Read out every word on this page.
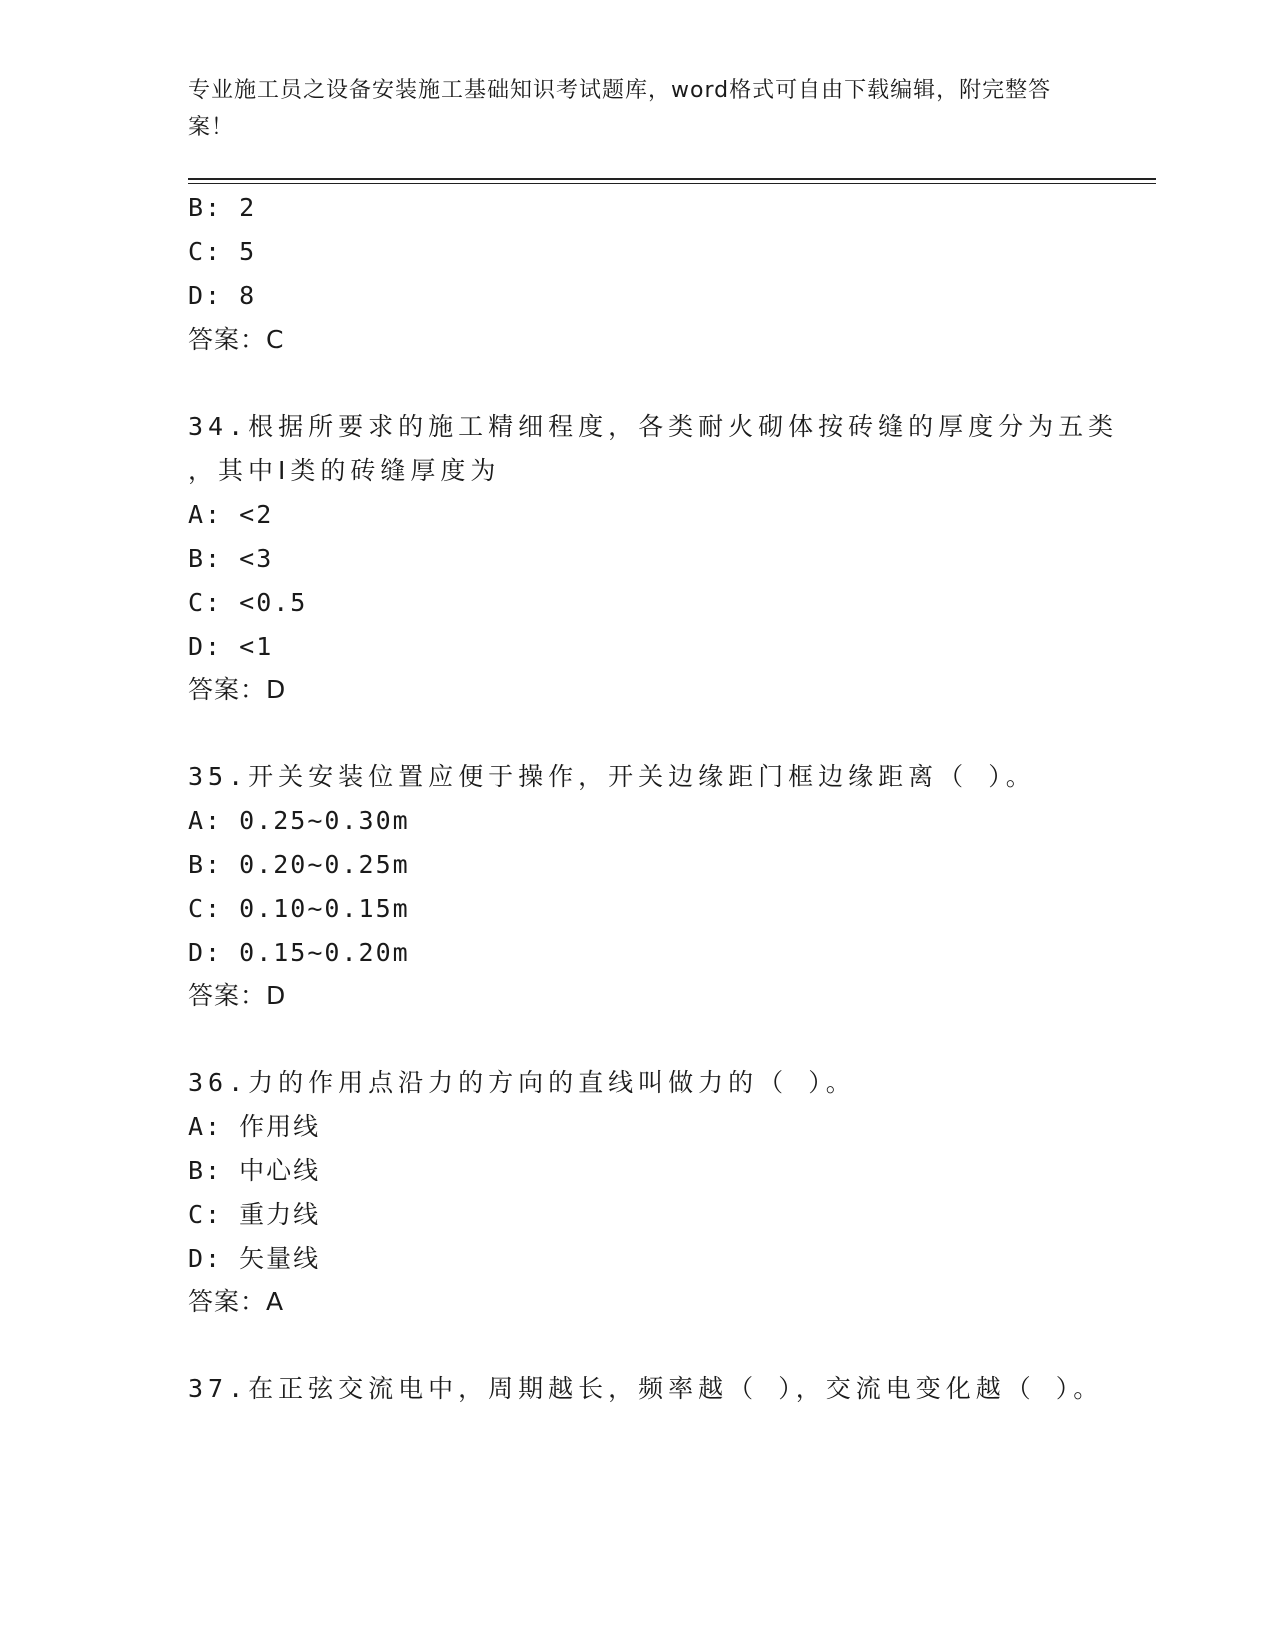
专业施工员之设备安装施工基础知识考试题库，word格式可自由下载编辑，附完整答案！
B: 2
C: 5
D: 8
答案：C
34.根据所要求的施工精细程度，各类耐火砌体按砖缝的厚度分为五类
，其中Ⅰ类的砖缝厚度为
A: <2
B: <3
C: <0.5
D: <1
答案：D
35.开关安装位置应便于操作，开关边缘距门框边缘距离（ ）。
A: 0.25~0.30m
B: 0.20~0.25m
C: 0.10~0.15m
D: 0.15~0.20m
答案：D
36.力的作用点沿力的方向的直线叫做力的（ ）。
A: 作用线
B: 中心线
C: 重力线
D: 矢量线
答案：A
37.在正弦交流电中，周期越长，频率越（ ），交流电变化越（ ）。
